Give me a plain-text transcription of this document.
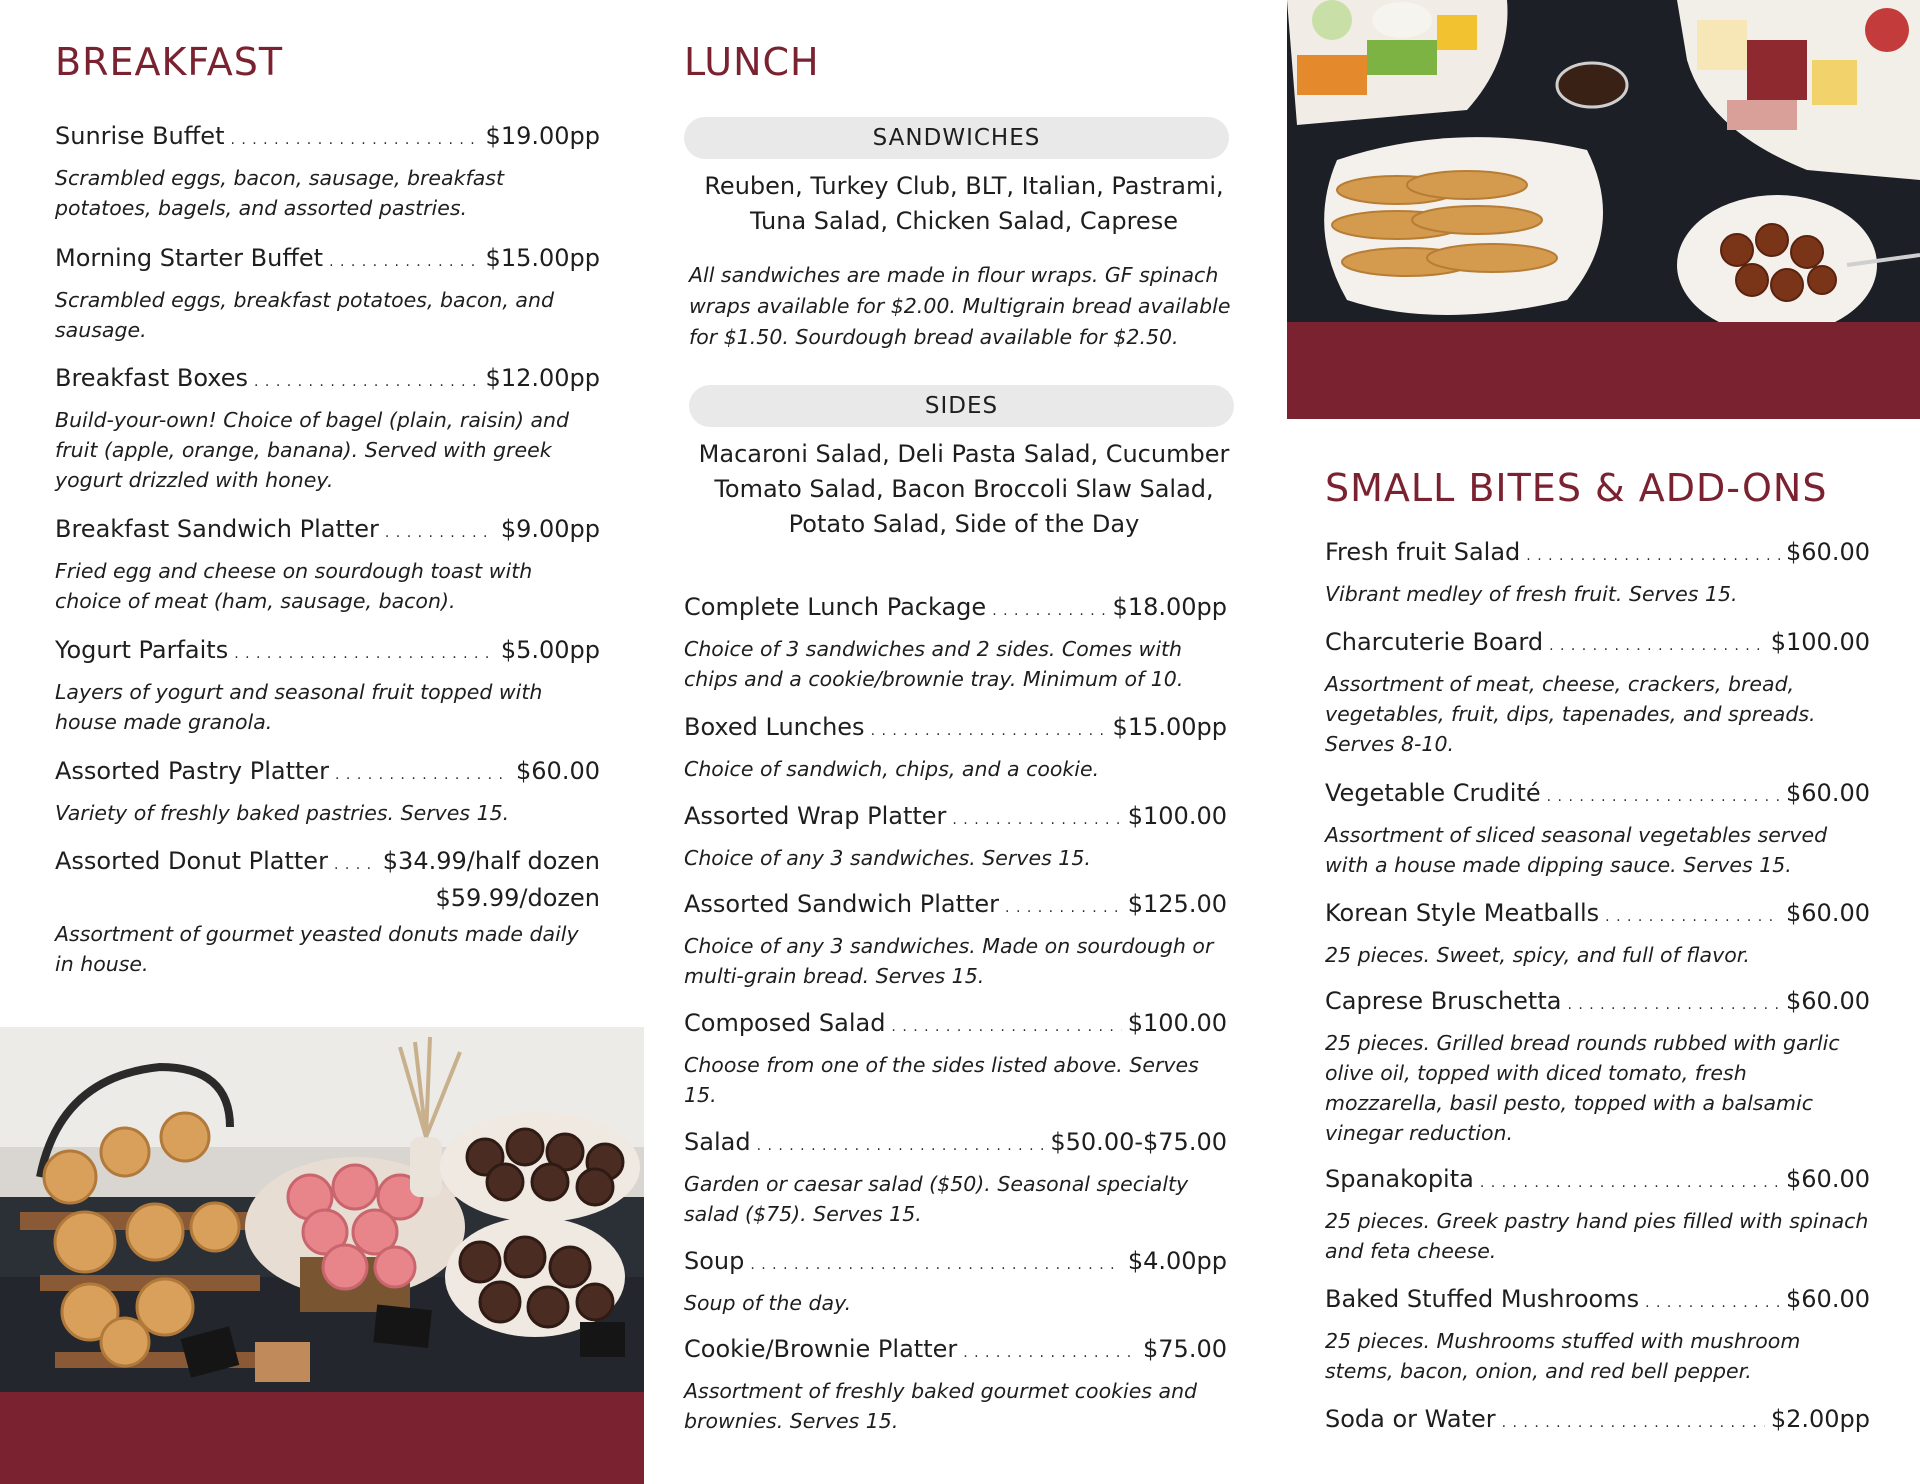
BREAKFAST
Sunrise Buffet . . .	$19.00pp
Scrambled eggs, bacon, sausage, breakfast potatoes, bagels, and assorted pastries.
Morning Starter Buffet . . .	$15.00pp
Scrambled eggs, breakfast potatoes, bacon, and sausage.
Breakfast Boxes . . .	$12.00pp
Build-your-own! Choice of bagel (plain, raisin) and fruit (apple, orange, banana). Served with greek yogurt drizzled with honey.
Breakfast Sandwich Platter . . .	$9.00pp
Fried egg and cheese on sourdough toast with choice of meat (ham, sausage, bacon).
Yogurt Parfaits . . .	$5.00pp
Layers of yogurt and seasonal fruit topped with house made granola.
Assorted Pastry Platter . . .	$60.00
Variety of freshly baked pastries. Serves 15.
Assorted Donut Platter . . . $34.99/half dozen
$59.99/dozen
Assortment of gourmet yeasted donuts made daily in house.
LUNCH
SANDWICHES
Reuben, Turkey Club, BLT, Italian, Pastrami, Tuna Salad, Chicken Salad, Caprese
All sandwiches are made in flour wraps. GF spinach wraps available for $2.00. Multigrain bread available for $1.50. Sourdough bread available for $2.50.
SIDES
Macaroni Salad, Deli Pasta Salad, Cucumber Tomato Salad, Bacon Broccoli Slaw Salad, Potato Salad, Side of the Day
Complete Lunch Package . . .	$18.00pp
Choice of 3 sandwiches and 2 sides. Comes with chips and a cookie/brownie tray. Minimum of 10.
Boxed Lunches . . .	$15.00pp
Choice of sandwich, chips, and a cookie.
Assorted Wrap Platter . . .	$100.00
Choice of any 3 sandwiches. Serves 15.
Assorted Sandwich Platter . . .	$125.00
Choice of any 3 sandwiches. Made on sourdough or multi-grain bread. Serves 15.
Composed Salad . . .	$100.00
Choose from one of the sides listed above. Serves 15.
Salad . . .	$50.00-$75.00
Garden or caesar salad ($50). Seasonal specialty salad ($75). Serves 15.
Soup . . .	$4.00pp
Soup of the day.
Cookie/Brownie Platter . . .	$75.00
Assortment of freshly baked gourmet cookies and brownies. Serves 15.
SMALL BITES & ADD-ONS
Fresh fruit Salad . . .	$60.00
Vibrant medley of fresh fruit. Serves 15.
Charcuterie Board . . .	$100.00
Assortment of meat, cheese, crackers, bread, vegetables, fruit, dips, tapenades, and spreads. Serves 8-10.
Vegetable Crudité . . .	$60.00
Assortment of sliced seasonal vegetables served with a house made dipping sauce. Serves 15.
Korean Style Meatballs . . .	$60.00
25 pieces. Sweet, spicy, and full of flavor.
Caprese Bruschetta . . .	$60.00
25 pieces. Grilled bread rounds rubbed with garlic olive oil, topped with diced tomato, fresh mozzarella, basil pesto, topped with a balsamic vinegar reduction.
Spanakopita . . .	$60.00
25 pieces. Greek pastry hand pies filled with spinach and feta cheese.
Baked Stuffed Mushrooms . . .	$60.00
25 pieces. Mushrooms stuffed with mushroom stems, bacon, onion, and red bell pepper.
Soda or Water . . .	$2.00pp
